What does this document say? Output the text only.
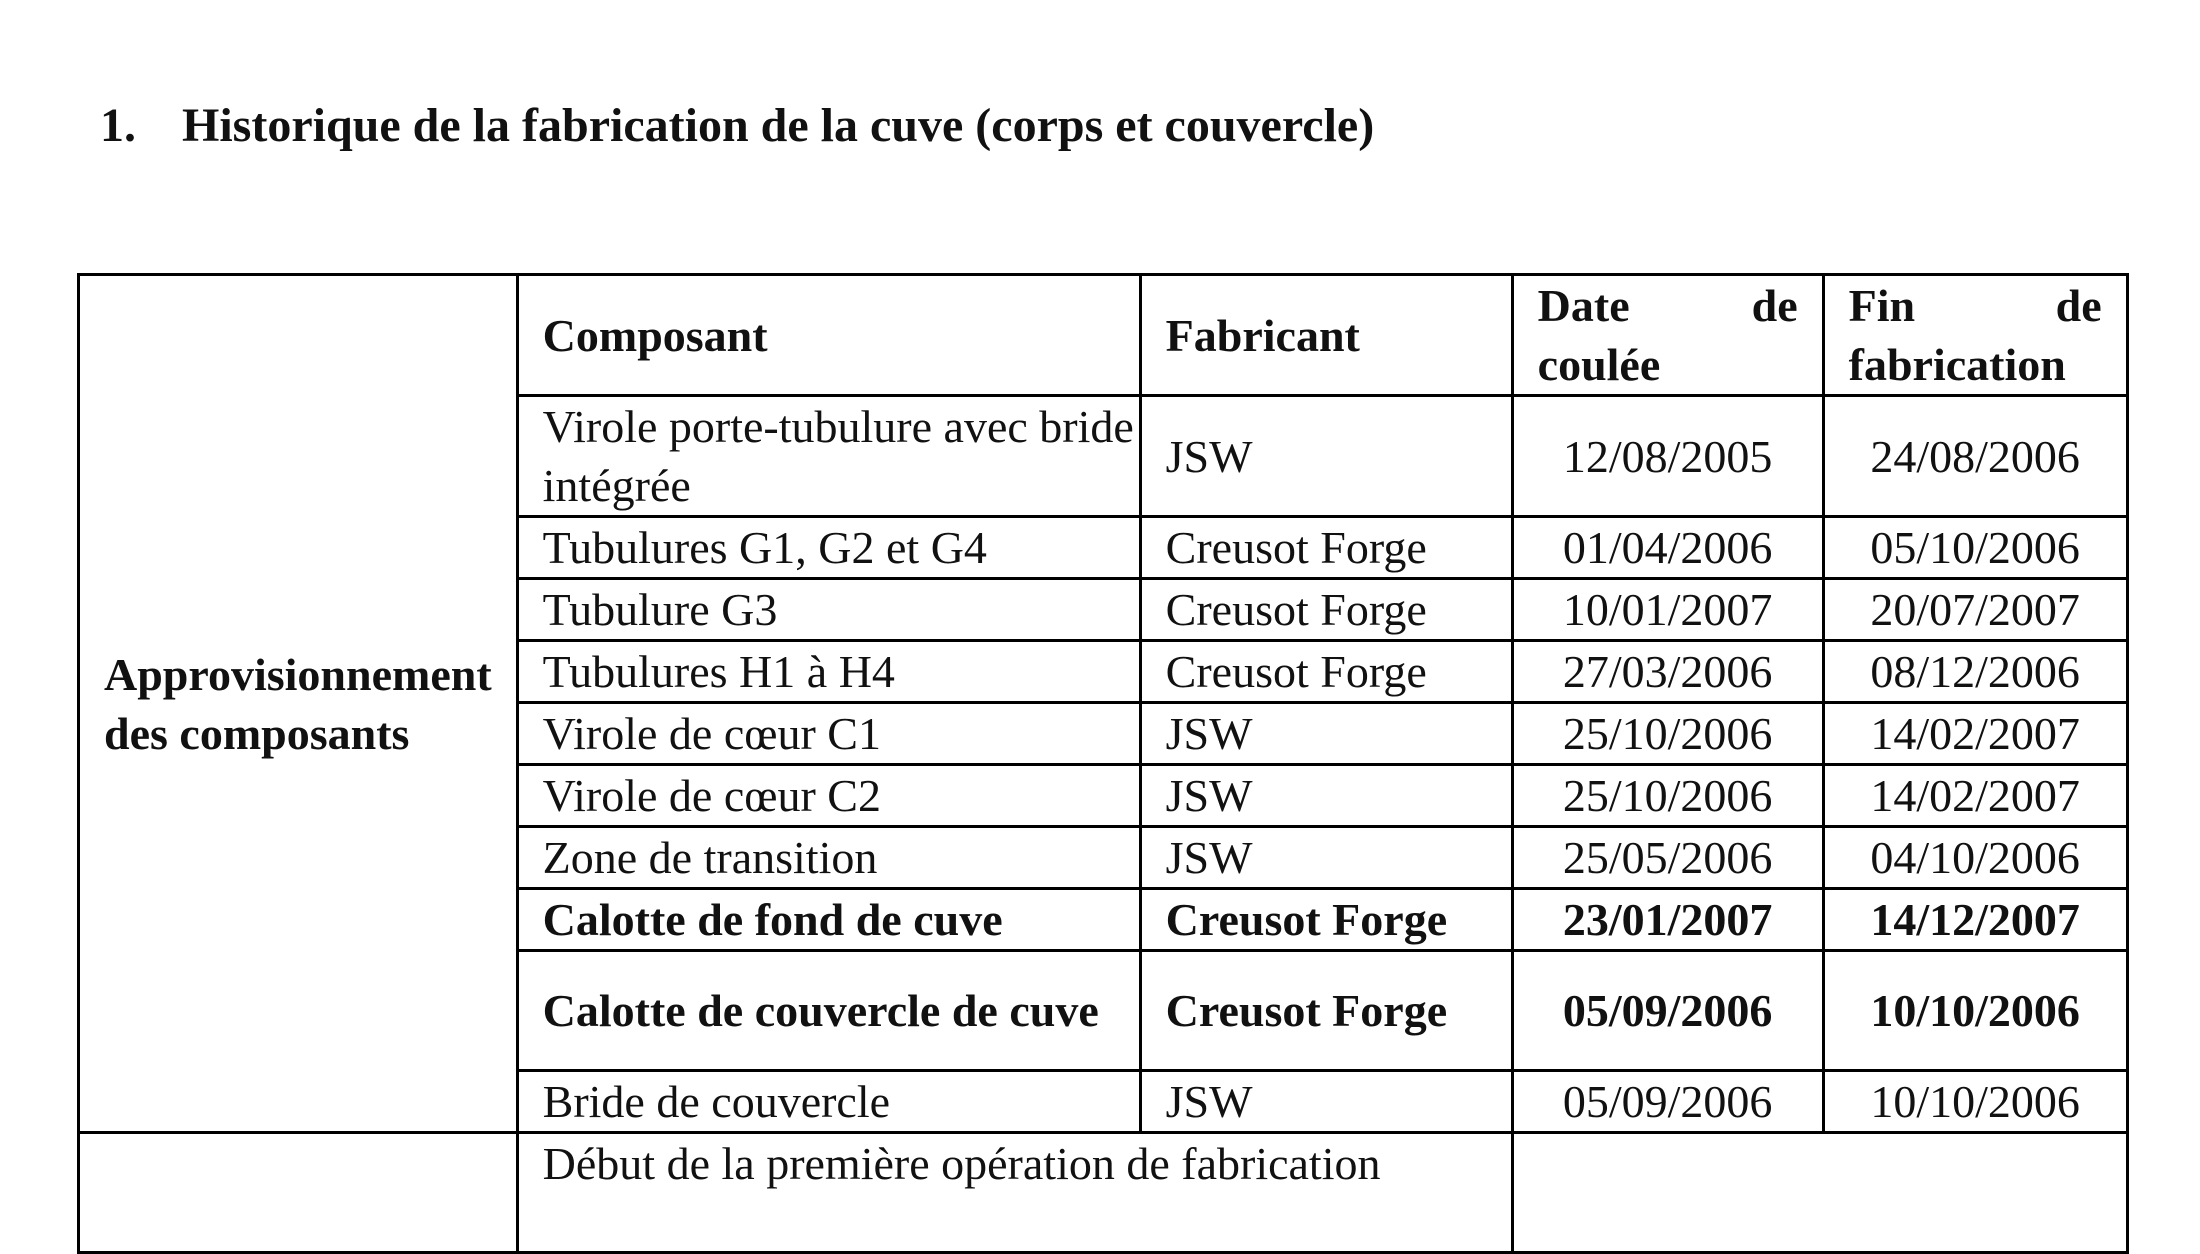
1. Historique de la fabrication de la cuve (corps et couvercle)
Approvisionnement des composants	Composant	Fabricant	Date de coulée	Fin de fabrication
	Virole porte-tubulure avec bride intégrée	JSW	12/08/2005	24/08/2006
	Tubulures G1, G2 et G4	Creusot Forge	01/04/2006	05/10/2006
	Tubulure G3	Creusot Forge	10/01/2007	20/07/2007
	Tubulures H1 à H4	Creusot Forge	27/03/2006	08/12/2006
	Virole de cœur C1	JSW	25/10/2006	14/02/2007
	Virole de cœur C2	JSW	25/10/2006	14/02/2007
	Zone de transition	JSW	25/05/2006	04/10/2006
	Calotte de fond de cuve	Creusot Forge	23/01/2007	14/12/2007
	Calotte de couvercle de cuve	Creusot Forge	05/09/2006	10/10/2006
	Bride de couvercle	JSW	05/09/2006	10/10/2006
	Début de la première opération de fabrication			
